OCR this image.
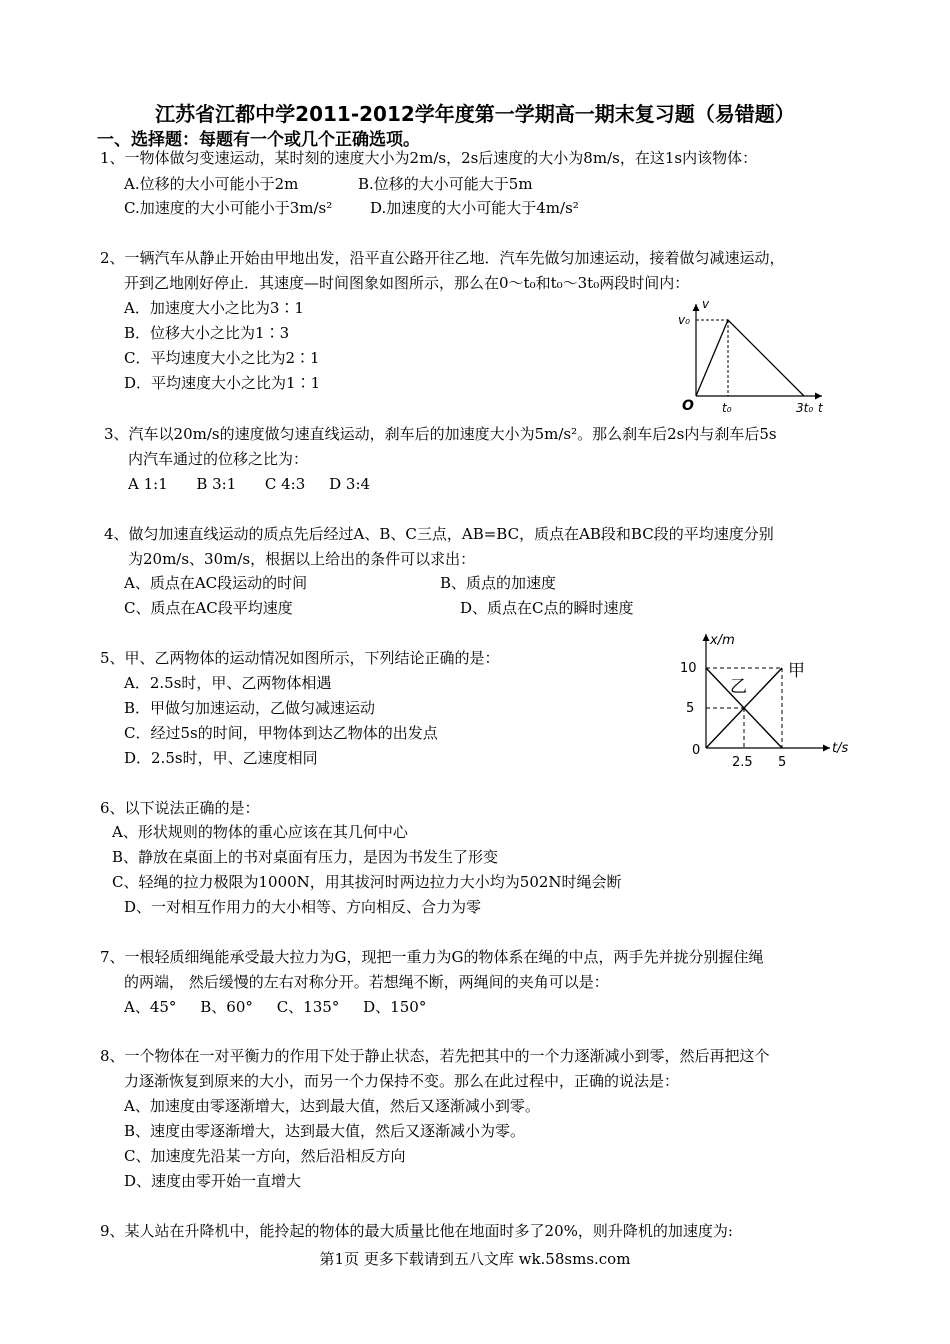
江苏省江都中学2011-2012学年度第一学期高一期末复习题（易错题）
一、选择题：每题有一个或几个正确选项。
1、一物体做匀变速运动，某时刻的速度大小为2m/s，2s后速度的大小为8m/s，在这1s内该物体：
A.位移的大小可能小于2m	B.位移的大小可能大于5m
C.加速度的大小可能小于3m/s²	D.加速度的大小可能大于4m/s²
2、一辆汽车从静止开始由甲地出发，沿平直公路开往乙地．汽车先做匀加速运动，接着做匀减速运动，
开到乙地刚好停止．其速度—时间图象如图所示，那么在0～t₀和t₀～3t₀两段时间内：
A．加速度大小之比为3∶1
B．位移大小之比为1∶3
C．平均速度大小之比为2∶1
D．平均速度大小之比为1∶1
v
v₀
O t₀	3t₀ t
3、汽车以20m/s的速度做匀速直线运动，刹车后的加速度大小为5m/s²。那么刹车后2s内与刹车后5s
内汽车通过的位移之比为：
A 1:1      B 3:1      C 4:3     D 3:4
4、做匀加速直线运动的质点先后经过A、B、C三点，AB=BC，质点在AB段和BC段的平均速度分别
为20m/s、30m/s，根据以上给出的条件可以求出：
A、质点在AC段运动的时间	B、质点的加速度
C、质点在AC段平均速度	D、质点在C点的瞬时速度
5、甲、乙两物体的运动情况如图所示，下列结论正确的是：
A．2.5s时，甲、乙两物体相遇
B．甲做匀加速运动，乙做匀减速运动
C．经过5s的时间，甲物体到达乙物体的出发点
D．2.5s时，甲、乙速度相同
x/m
10
5
0
2.5 5
t/s
甲
乙
6、以下说法正确的是：
A、形状规则的物体的重心应该在其几何中心
B、静放在桌面上的书对桌面有压力，是因为书发生了形变
C、轻绳的拉力极限为1000N，用其拔河时两边拉力大小均为502N时绳会断
D、一对相互作用力的大小相等、方向相反、合力为零
7、一根轻质细绳能承受最大拉力为G，现把一重力为G的物体系在绳的中点，两手先并拢分别握住绳
的两端， 然后缓慢的左右对称分开。若想绳不断，两绳间的夹角可以是：
A、45°     B、60°     C、135°     D、150°
8、一个物体在一对平衡力的作用下处于静止状态，若先把其中的一个力逐渐减小到零，然后再把这个
力逐渐恢复到原来的大小，而另一个力保持不变。那么在此过程中，正确的说法是：
A、加速度由零逐渐增大，达到最大值，然后又逐渐减小到零。
B、速度由零逐渐增大，达到最大值，然后又逐渐减小为零。
C、加速度先沿某一方向，然后沿相反方向
D、速度由零开始一直增大
9、某人站在升降机中，能拎起的物体的最大质量比他在地面时多了20%，则升降机的加速度为:
第1页 更多下载请到五八文库 wk.58sms.com
